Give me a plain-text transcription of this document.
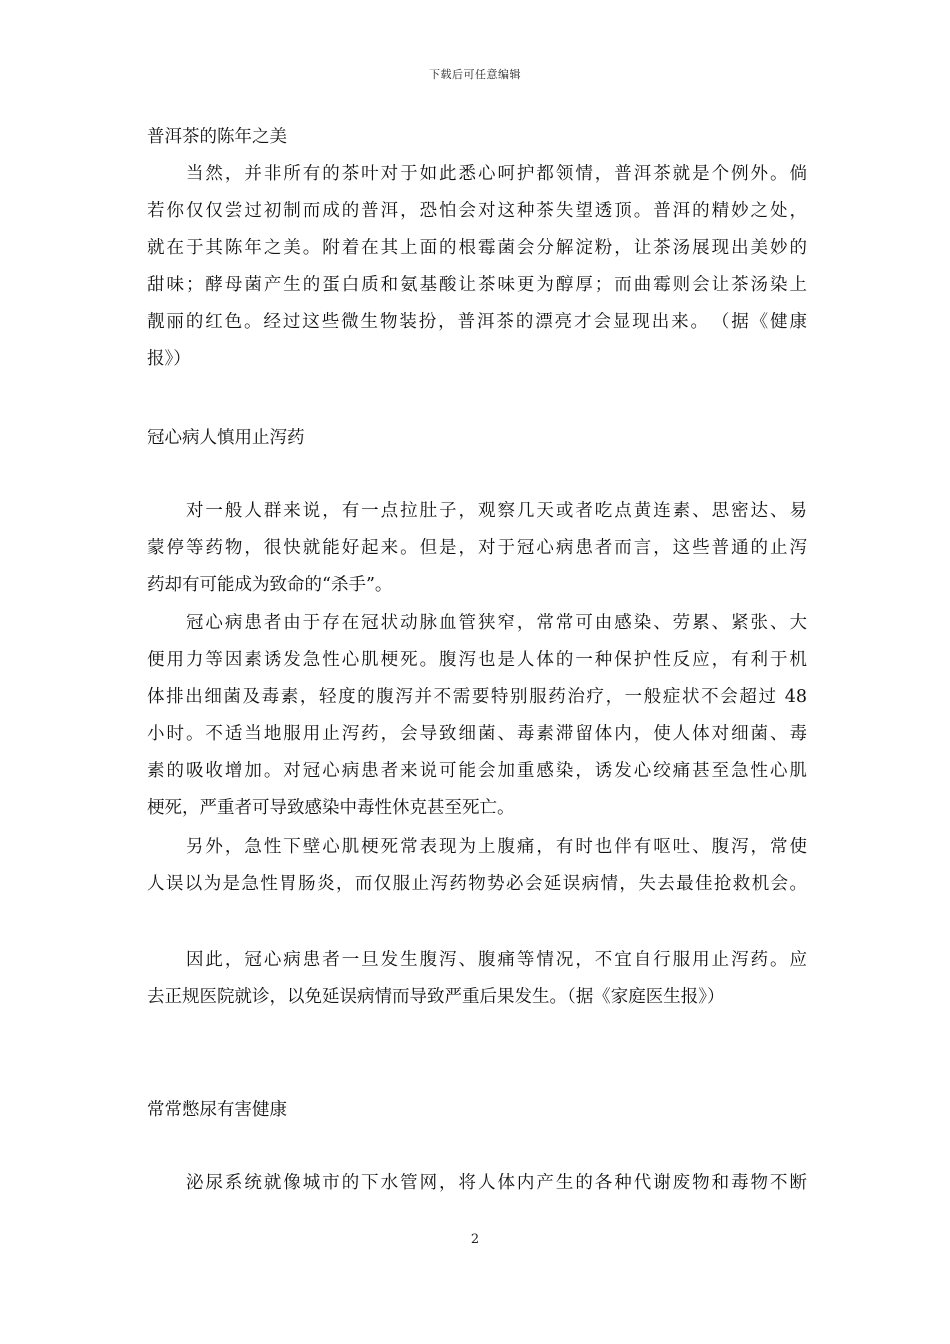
下载后可任意编辑
普洱茶的陈年之美
　　当然，并非所有的茶叶对于如此悉心呵护都领情，普洱茶就是个例外。倘
若你仅仅尝过初制而成的普洱，恐怕会对这种茶失望透顶。普洱的精妙之处，
就在于其陈年之美。附着在其上面的根霉菌会分解淀粉，让茶汤展现出美妙的
甜味；酵母菌产生的蛋白质和氨基酸让茶味更为醇厚；而曲霉则会让茶汤染上
靓丽的红色。经过这些微生物装扮，普洱茶的漂亮才会显现出来。　（据《健康
报》）
冠心病人慎用止泻药
　　对一般人群来说，有一点拉肚子，观察几天或者吃点黄连素、思密达、易
蒙停等药物，很快就能好起来。但是，对于冠心病患者而言，这些普通的止泻
药却有可能成为致命的“杀手”。
　　冠心病患者由于存在冠状动脉血管狭窄，常常可由感染、劳累、紧张、大
便用力等因素诱发急性心肌梗死。腹泻也是人体的一种保护性反应，有利于机
体排出细菌及毒素，轻度的腹泻并不需要特别服药治疗，一般症状不会超过 48
小时。不适当地服用止泻药，会导致细菌、毒素滞留体内，使人体对细菌、毒
素的吸收增加。对冠心病患者来说可能会加重感染，诱发心绞痛甚至急性心肌
梗死，严重者可导致感染中毒性休克甚至死亡。
　　另外，急性下壁心肌梗死常表现为上腹痛，有时也伴有呕吐、腹泻，常使
人误以为是急性胃肠炎，而仅服止泻药物势必会延误病情，失去最佳抢救机会。
　　因此，冠心病患者一旦发生腹泻、腹痛等情况，不宜自行服用止泻药。应
去正规医院就诊，以免延误病情而导致严重后果发生。（据《家庭医生报》）
常常憋尿有害健康
　　泌尿系统就像城市的下水管网，将人体内产生的各种代谢废物和毒物不断
2
